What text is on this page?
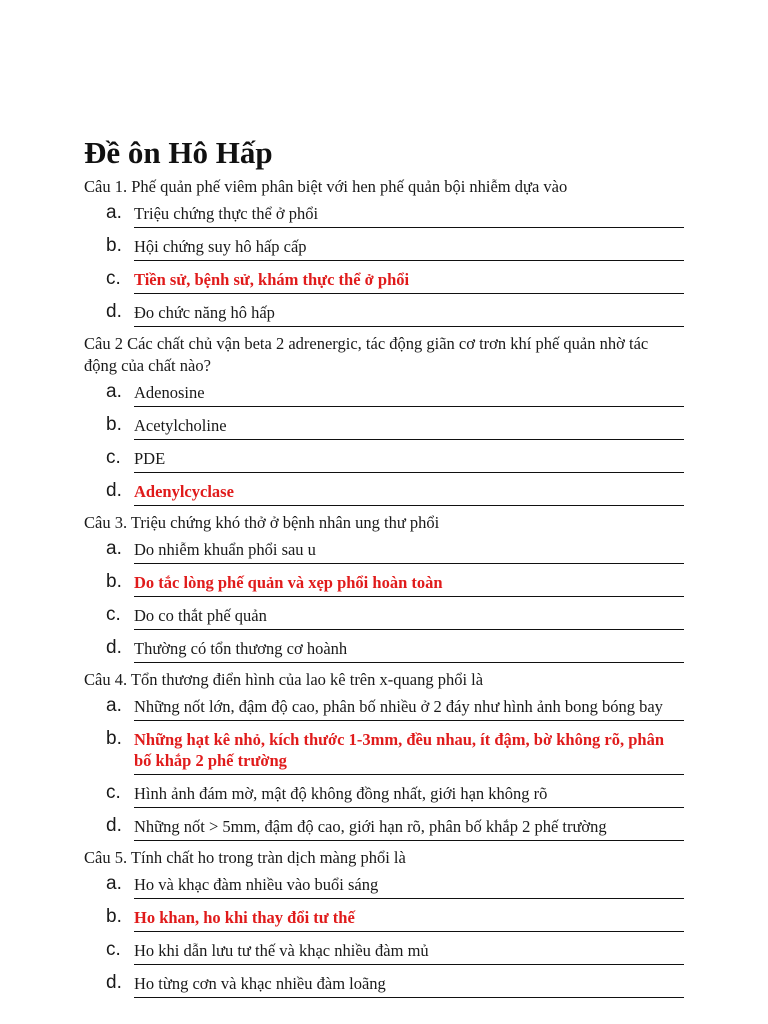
Đề ôn Hô Hấp

Câu 1. Phế quản phế viêm phân biệt với hen phế quản bội nhiễm dựa vào

a. Triệu chứng thực thể ở phổi
b. Hội chứng suy hô hấp cấp
c. Tiền sử, bệnh sử, khám thực thể ở phổi
d. Đo chức năng hô hấp

Câu 2 Các chất chủ vận beta 2 adrenergic, tác động giãn cơ trơn khí phế quản nhờ tác động của chất nào?

a. Adenosine
b. Acetylcholine
c. PDE
d. Adenylcyclase

Câu 3. Triệu chứng khó thở ở bệnh nhân ung thư phổi

a. Do nhiễm khuẩn phổi sau u
b. Do tắc lòng phế quản và xẹp phổi hoàn toàn
c. Do co thắt phế quản
d. Thường có tổn thương cơ hoành

Câu 4. Tổn thương điển hình của lao kê trên x-quang phổi là

a. Những nốt lớn, đậm độ cao, phân bố nhiều ở 2 đáy như hình ảnh bong bóng bay
b. Những hạt kê nhỏ, kích thước 1-3mm, đều nhau, ít đậm, bờ không rõ, phân bố khắp 2 phế trường
c. Hình ảnh đám mờ, mật độ không đồng nhất, giới hạn không rõ
d. Những nốt > 5mm, đậm độ cao, giới hạn rõ, phân bố khắp 2 phế trường

Câu 5. Tính chất ho trong tràn dịch màng phổi là

a. Ho và khạc đàm nhiều vào buổi sáng
b. Ho khan, ho khi thay đổi tư thế
c. Ho khi dẫn lưu tư thế và khạc nhiều đàm mủ
d. Ho từng cơn và khạc nhiều đàm loãng
